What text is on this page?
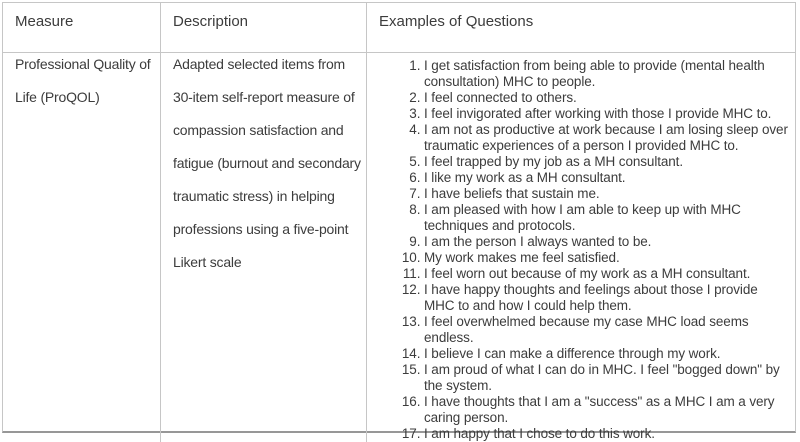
Measure	Description	Examples of Questions
Professional Quality of
Life (ProQOL)
Adapted selected items from
30-item self-report measure of
compassion satisfaction and
fatigue (burnout and secondary
traumatic stress) in helping
professions using a five-point
Likert scale
1. I get satisfaction from being able to provide (mental health consultation) MHC to people.
2. I feel connected to others.
3. I feel invigorated after working with those I provide MHC to.
4. I am not as productive at work because I am losing sleep over traumatic experiences of a person I provided MHC to.
5. I feel trapped by my job as a MH consultant.
6. I like my work as a MH consultant.
7. I have beliefs that sustain me.
8. I am pleased with how I am able to keep up with MHC techniques and protocols.
9. I am the person I always wanted to be.
10. My work makes me feel satisfied.
11. I feel worn out because of my work as a MH consultant.
12. I have happy thoughts and feelings about those I provide MHC to and how I could help them.
13. I feel overwhelmed because my case MHC load seems endless.
14. I believe I can make a difference through my work.
15. I am proud of what I can do in MHC. I feel "bogged down" by the system.
16. I have thoughts that I am a "success" as a MHC I am a very caring person.
17. I am happy that I chose to do this work.
